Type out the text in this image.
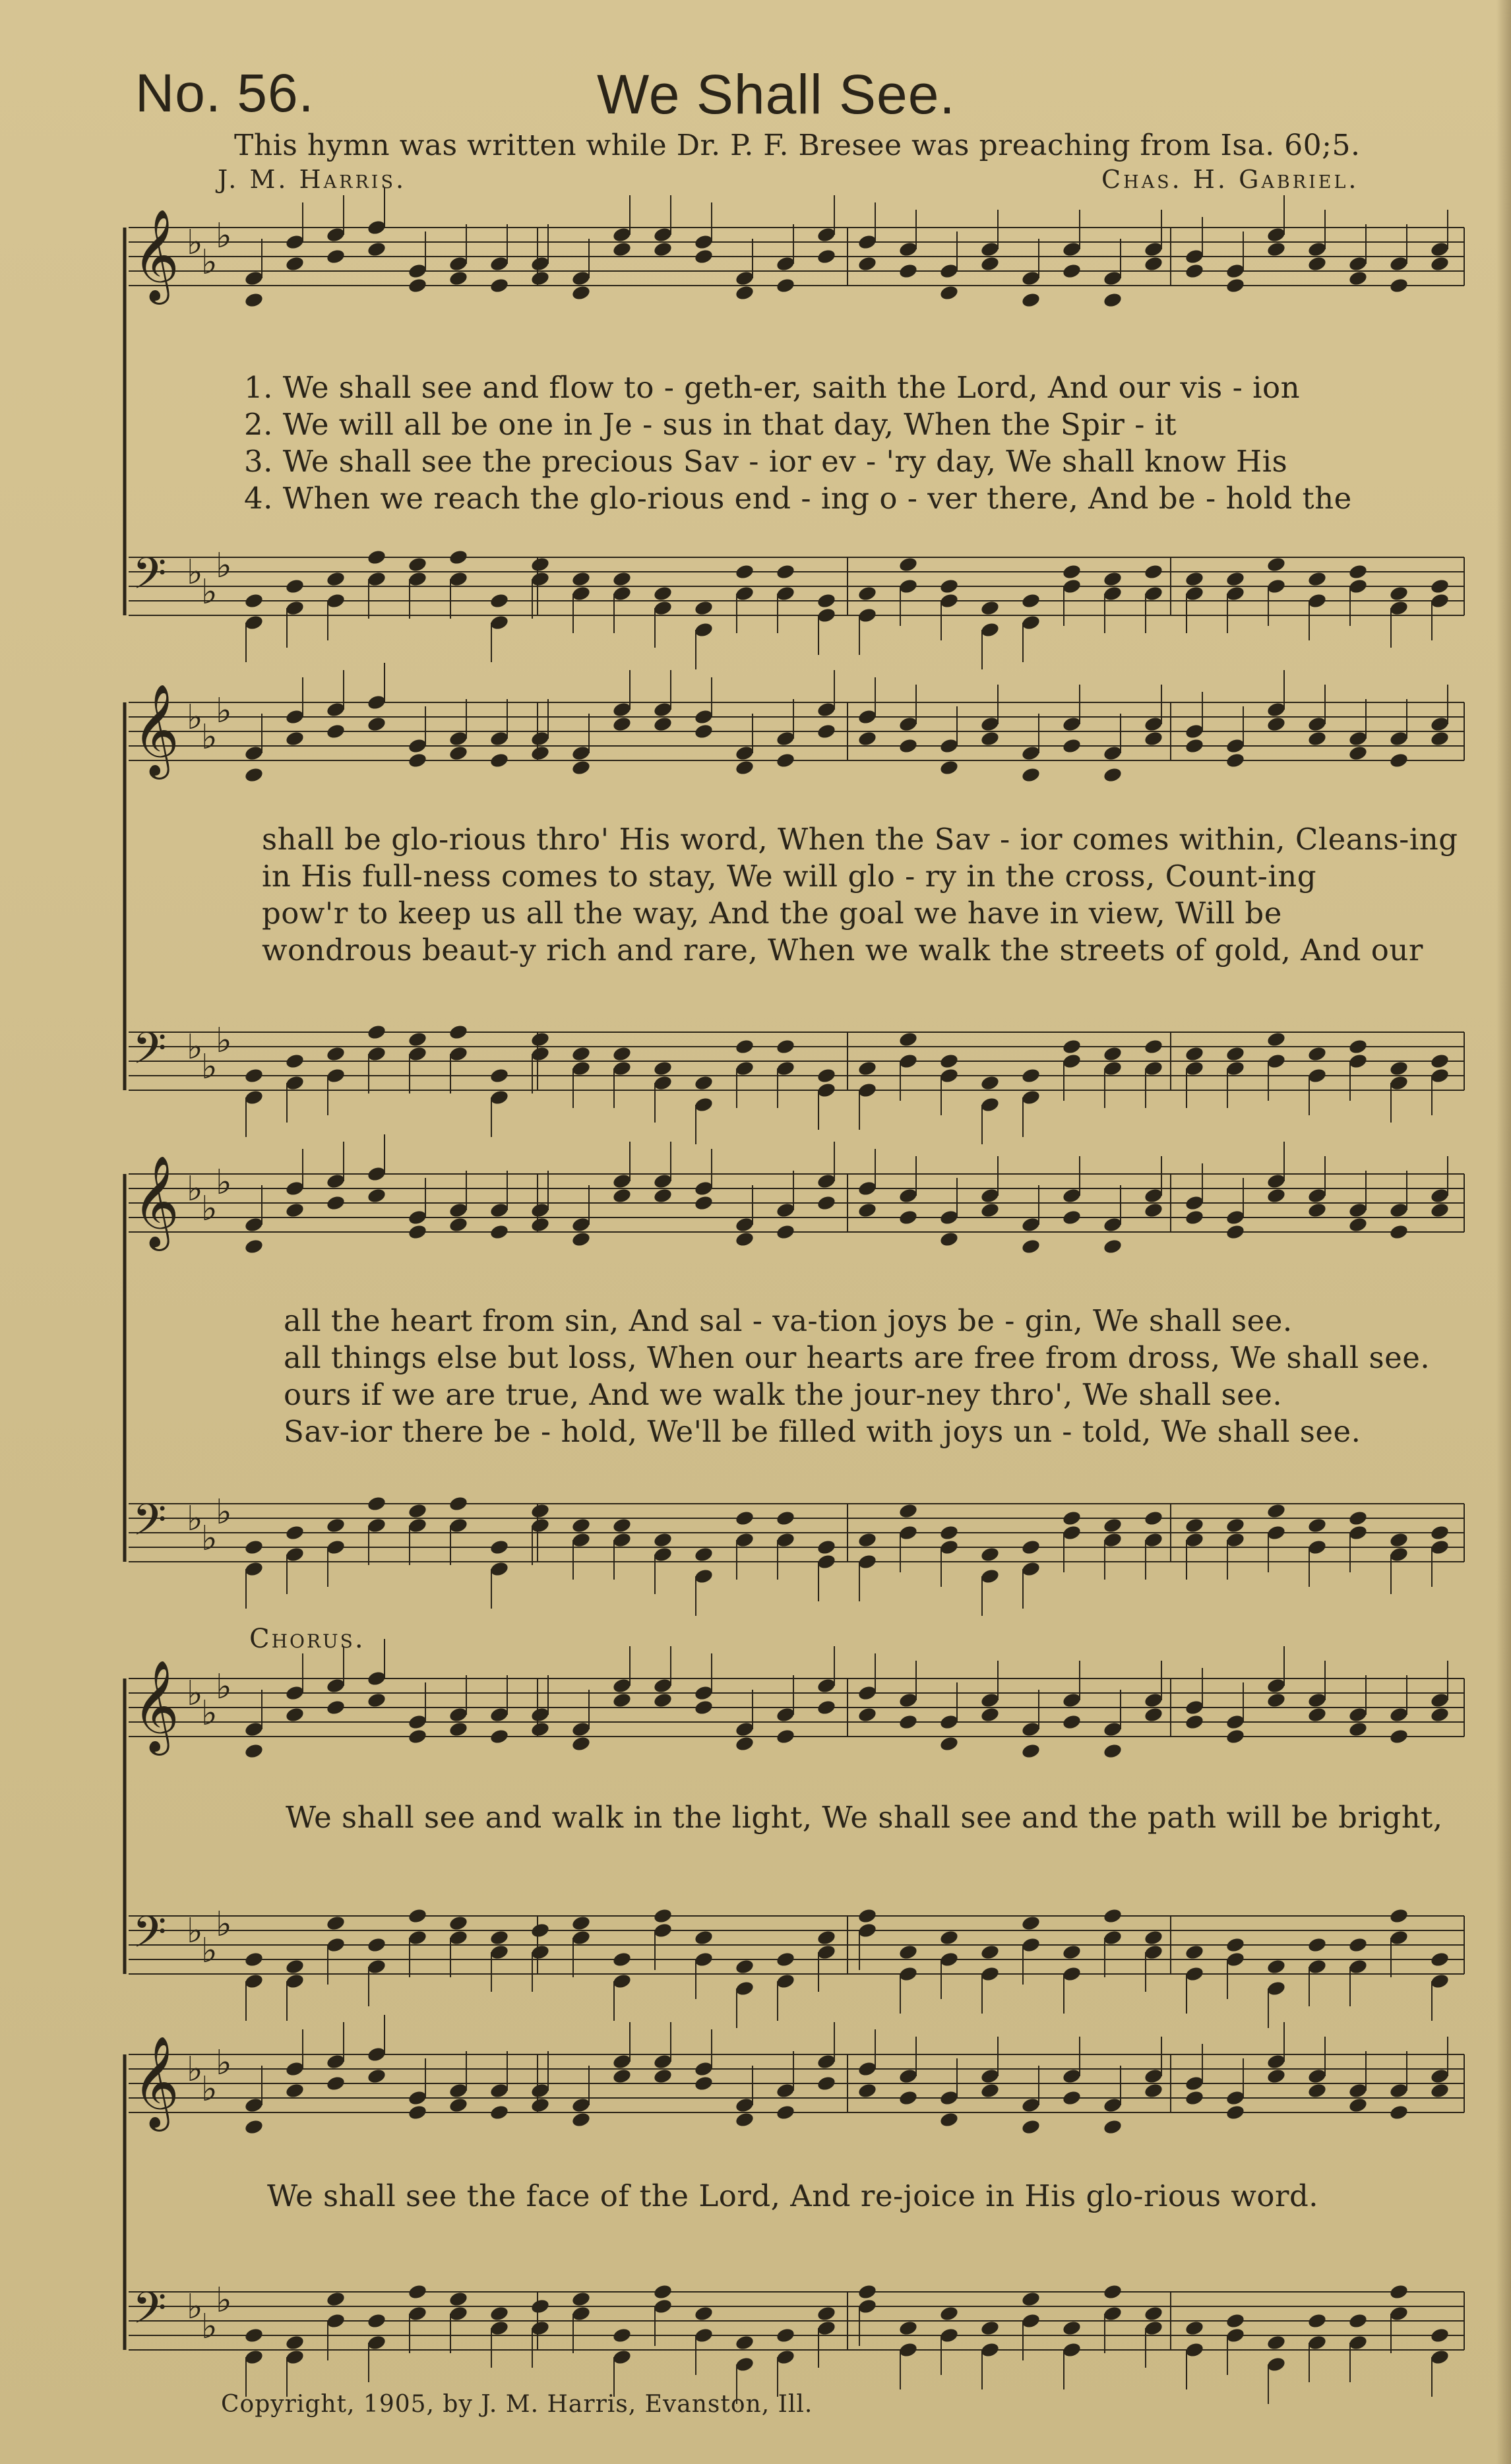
No. 56.	We Shall See.
This hymn was written while Dr. P. F. Bresee was preaching from Isa. 60;5.
J. M. Harris.	Chas. H. Gabriel.
𝄞 ♭
♭
♭
𝄢 ♭
♭
♭
1. We shall see and flow to - geth-er, saith the Lord, And our vis - ion
2. We will all be one in Je - sus in that day, When the Spir - it
3. We shall see the precious Sav - ior ev - 'ry day, We shall know His
4. When we reach the glo-rious end - ing o - ver there, And be - hold the
𝄞 ♭
♭
♭
𝄢 ♭
♭
♭
shall be glo-rious thro' His word, When the Sav - ior comes within, Cleans-ing
in His full-ness comes to stay, We will glo - ry in the cross, Count-ing
pow'r to keep us all the way, And the goal we have in view, Will be
wondrous beaut-y rich and rare, When we walk the streets of gold, And our
𝄞 ♭
♭
♭
𝄢 ♭
♭
♭
all the heart from sin, And sal - va-tion joys be - gin, We shall see.
all things else but loss, When our hearts are free from dross, We shall see.
ours if we are true, And we walk the jour-ney thro', We shall see.
Sav-ior there be - hold, We'll be filled with joys un - told, We shall see.
Chorus.
𝄞 ♭
♭
♭
𝄢 ♭
♭
♭
We shall see and walk in the light, We shall see and the path will be bright,
𝄞 ♭
♭
♭
𝄢 ♭
♭
♭
We shall see the face of the Lord, And re-joice in His glo-rious word.
Copyright, 1905, by J. M. Harris, Evanston, Ill.
